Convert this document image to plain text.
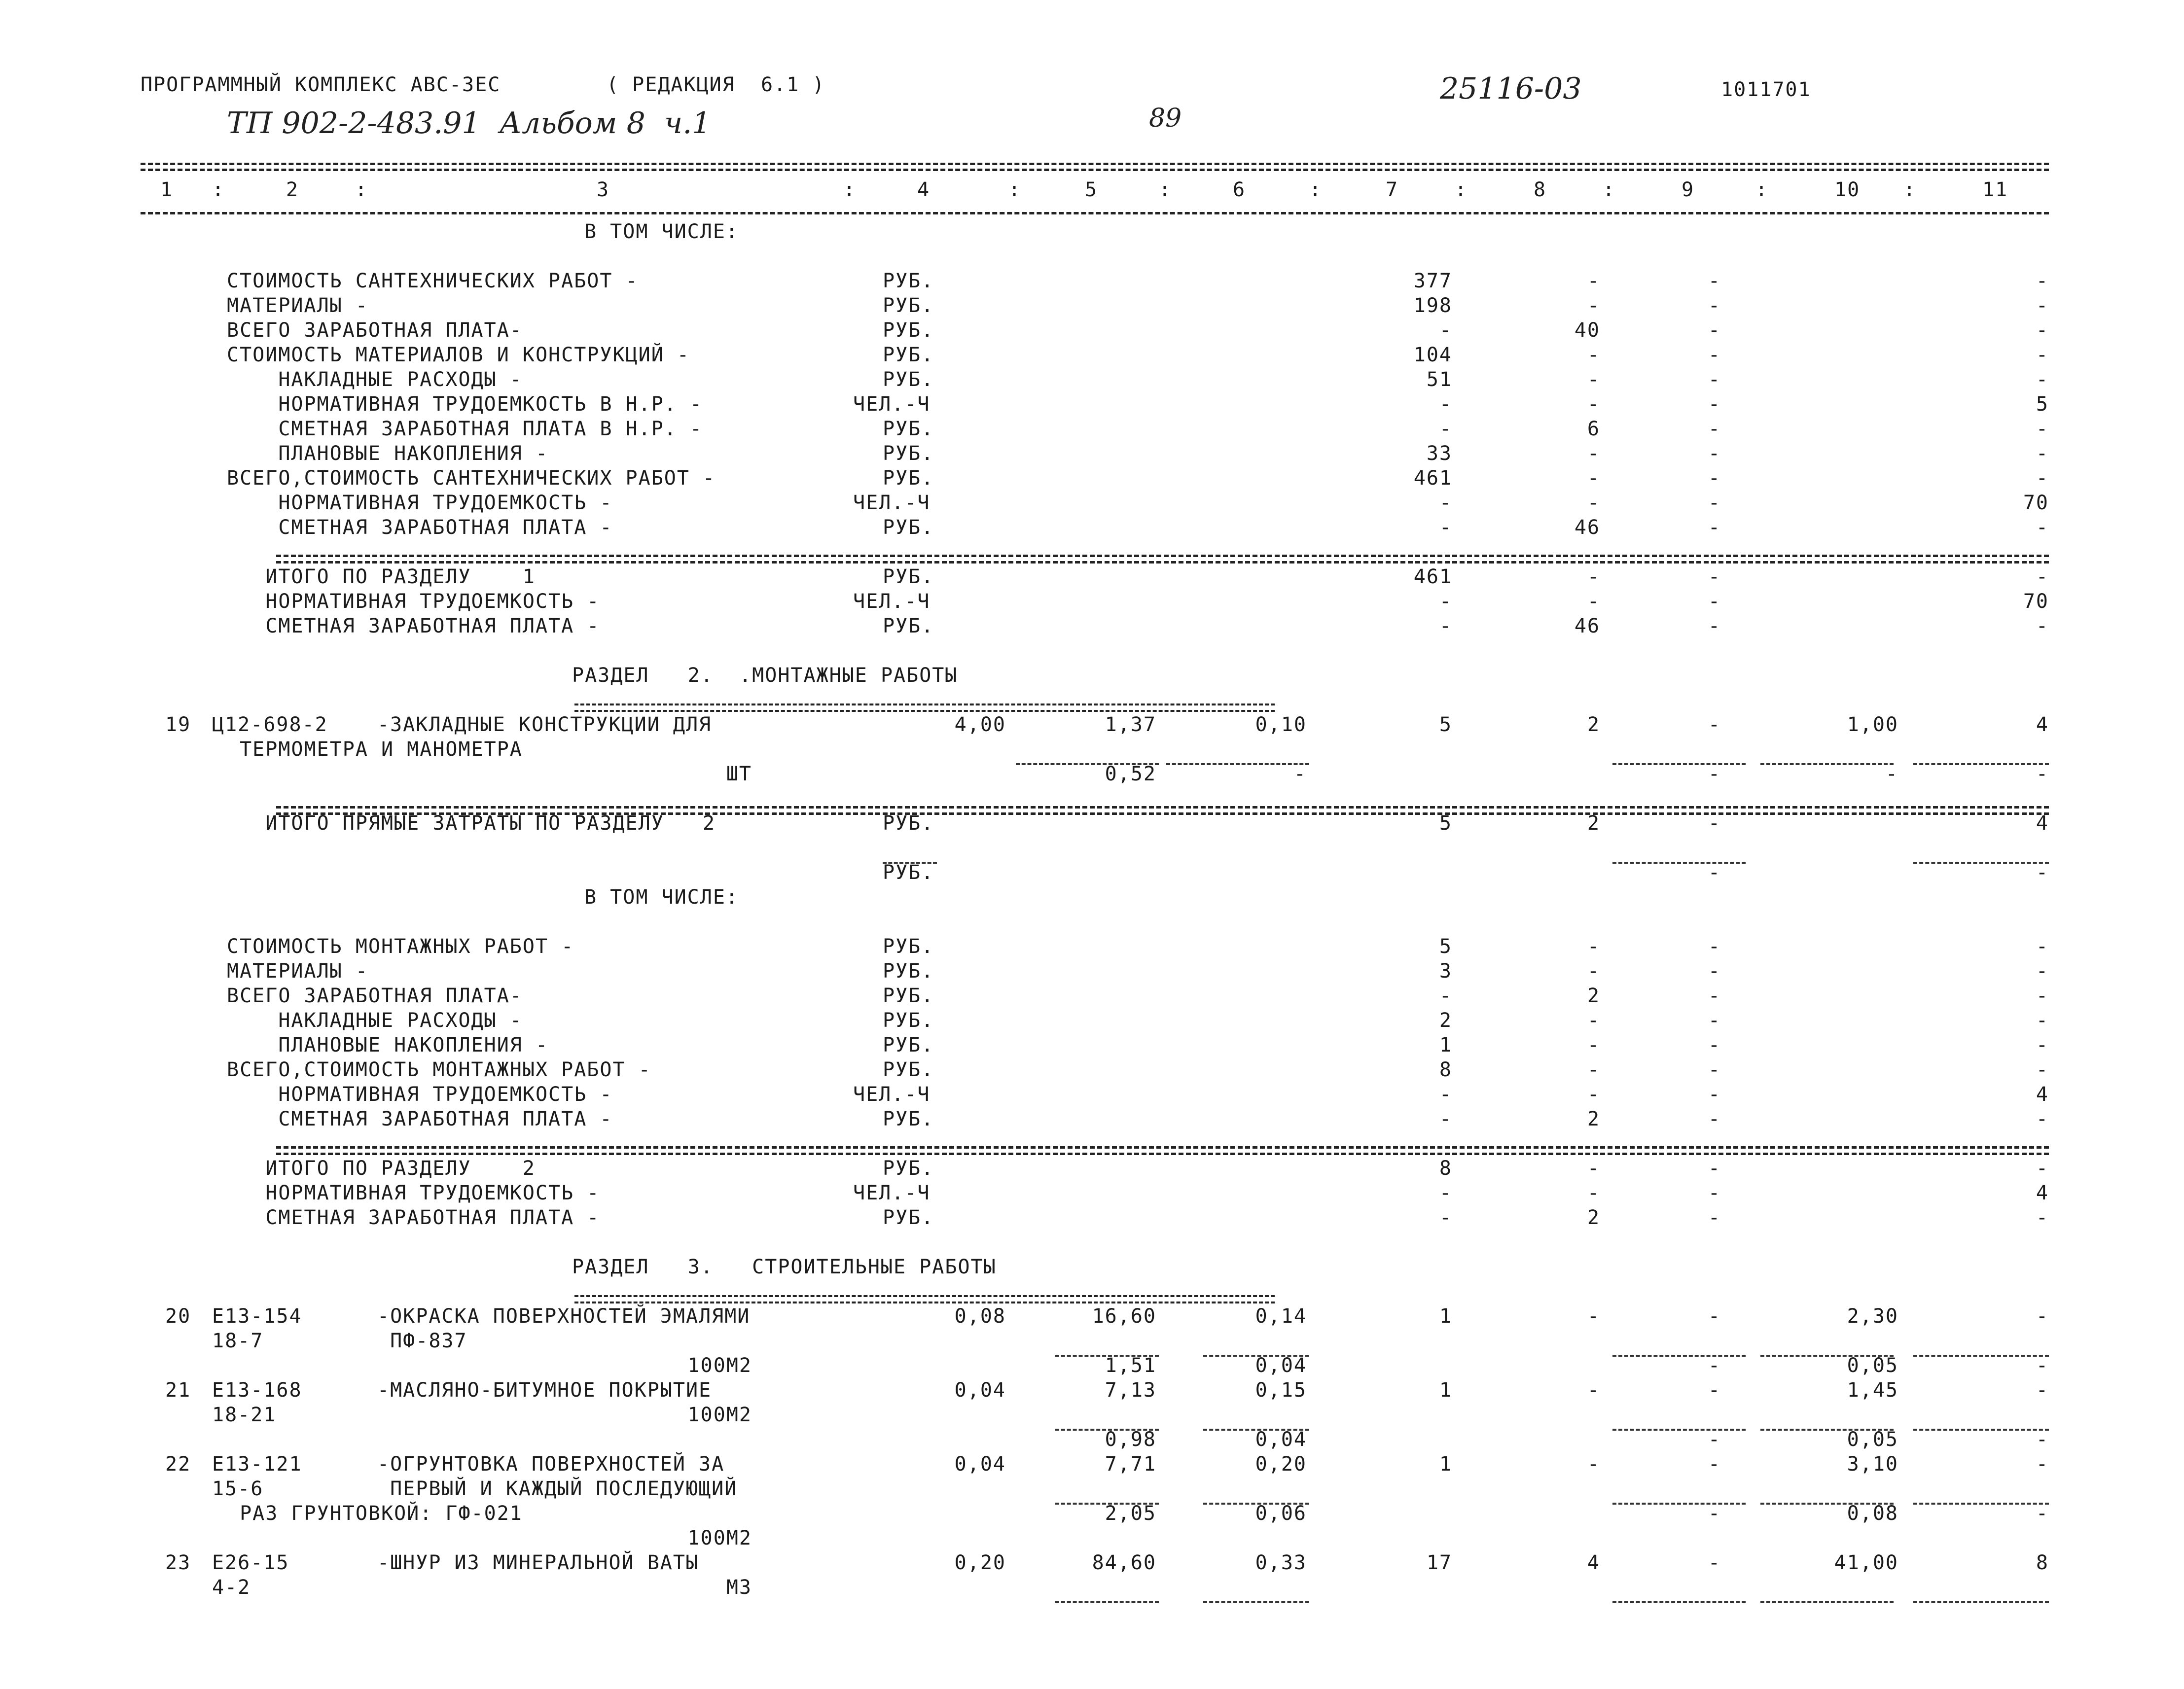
ПРОГРАММНЫЙ КОМПЛЕКС АВС-3ЕС	( РЕДАКЦИЯ  6.1 )
ТП 902-2-483.91  Альбом 8  ч.1	89
25116-03	1011701
1	2	3	4	5	6	7	8	9	10	11
:	:	:	:	:	:	:	:	:	:
В ТОМ ЧИСЛЕ:
СТОИМОСТЬ САНТЕХНИЧЕСКИХ РАБОТ -	РУБ.	377	-	-	-
МАТЕРИАЛЫ -	РУБ.	198	-	-	-
ВСЕГО ЗАРАБОТНАЯ ПЛАТА-	РУБ.	-	40	-	-
СТОИМОСТЬ МАТЕРИАЛОВ И КОНСТРУКЦИЙ -	РУБ.	104	-	-	-
НАКЛАДНЫЕ РАСХОДЫ -	РУБ.	51	-	-	-
НОРМАТИВНАЯ ТРУДОЕМКОСТЬ В Н.Р. -	ЧЕЛ.-Ч	-	-	-	5
СМЕТНАЯ ЗАРАБОТНАЯ ПЛАТА В Н.Р. -	РУБ.	-	6	-	-
ПЛАНОВЫЕ НАКОПЛЕНИЯ -	РУБ.	33	-	-	-
ВСЕГО,СТОИМОСТЬ САНТЕХНИЧЕСКИХ РАБОТ -	РУБ.	461	-	-	-
НОРМАТИВНАЯ ТРУДОЕМКОСТЬ -	ЧЕЛ.-Ч	-	-	-	70
СМЕТНАЯ ЗАРАБОТНАЯ ПЛАТА -	РУБ.	-	46	-	-
ИТОГО ПО РАЗДЕЛУ    1	РУБ.	461	-	-	-
НОРМАТИВНАЯ ТРУДОЕМКОСТЬ -	ЧЕЛ.-Ч	-	-	-	70
СМЕТНАЯ ЗАРАБОТНАЯ ПЛАТА -	РУБ.	-	46	-	-
РАЗДЕЛ   2.  .МОНТАЖНЫЕ РАБОТЫ
19 Ц12-698-2	-ЗАКЛАДНЫЕ КОНСТРУКЦИИ ДЛЯ	4,00	1,37	0,10	5	2	-	1,00	4
ТЕРМОМЕТРА И МАНОМЕТРА
ШТ	0,52	-	-	-	-
ИТОГО ПРЯМЫЕ ЗАТРАТЫ ПО РАЗДЕЛУ   2	РУБ.	5	2	-	4
РУБ.	-	-
В ТОМ ЧИСЛЕ:
СТОИМОСТЬ МОНТАЖНЫХ РАБОТ -	РУБ.	5	-	-	-
МАТЕРИАЛЫ -	РУБ.	3	-	-	-
ВСЕГО ЗАРАБОТНАЯ ПЛАТА-	РУБ.	-	2	-	-
НАКЛАДНЫЕ РАСХОДЫ -	РУБ.	2	-	-	-
ПЛАНОВЫЕ НАКОПЛЕНИЯ -	РУБ.	1	-	-	-
ВСЕГО,СТОИМОСТЬ МОНТАЖНЫХ РАБОТ -	РУБ.	8	-	-	-
НОРМАТИВНАЯ ТРУДОЕМКОСТЬ -	ЧЕЛ.-Ч	-	-	-	4
СМЕТНАЯ ЗАРАБОТНАЯ ПЛАТА -	РУБ.	-	2	-	-
ИТОГО ПО РАЗДЕЛУ    2	РУБ.	8	-	-	-
НОРМАТИВНАЯ ТРУДОЕМКОСТЬ -	ЧЕЛ.-Ч	-	-	-	4
СМЕТНАЯ ЗАРАБОТНАЯ ПЛАТА -	РУБ.	-	2	-	-
РАЗДЕЛ   3.   СТРОИТЕЛЬНЫЕ РАБОТЫ
20 Е13-154	-ОКРАСКА ПОВЕРХНОСТЕЙ ЭМАЛЯМИ	0,08	16,60	0,14	1	-	-	2,30	-
18-7	ПФ-837
100М2	1,51	0,04	-	0,05	-
21 Е13-168	-МАСЛЯНО-БИТУМНОЕ ПОКРЫТИЕ	0,04	7,13	0,15	1	-	-	1,45	-
18-21	100М2
0,98	0,04	-	0,05	-
22 Е13-121	-ОГРУНТОВКА ПОВЕРХНОСТЕЙ ЗА	0,04	7,71	0,20	1	-	-	3,10	-
15-6	ПЕРВЫЙ И КАЖДЫЙ ПОСЛЕДУЮЩИЙ
РАЗ ГРУНТОВКОЙ: ГФ-021	2,05	0,06	-	0,08	-
100М2
23 Е26-15	-ШНУР ИЗ МИНЕРАЛЬНОЙ ВАТЫ	0,20	84,60	0,33	17	4	-	41,00	8
4-2	М3
